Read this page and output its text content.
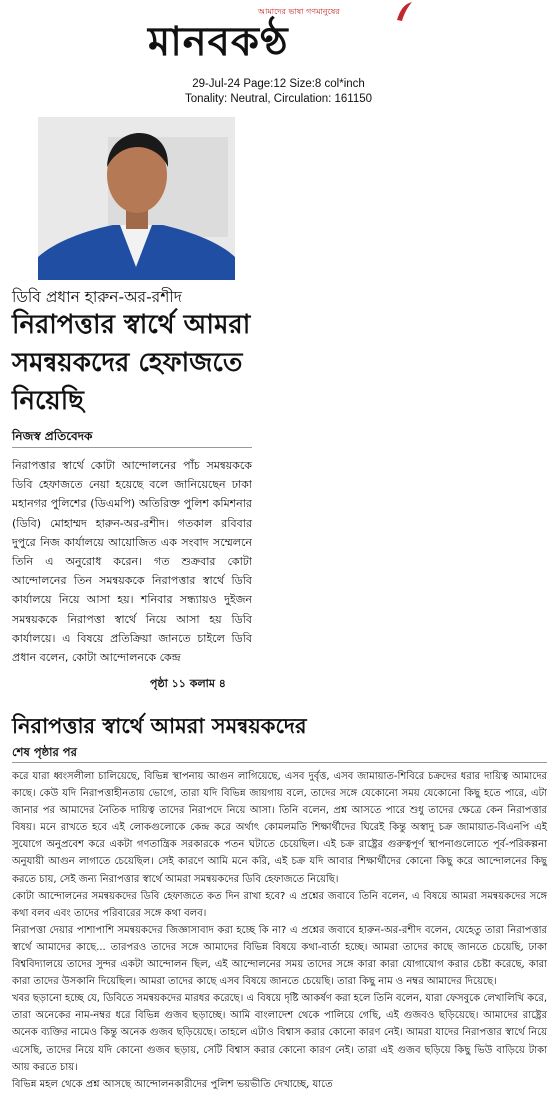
আমাদের ভাষা গণমানুষের
মানবকণ্ঠ
29-Jul-24 Page:12 Size:8 col*inch
Tonality: Neutral, Circulation: 161150
ডিবি প্রধান হারুন-অর-রশীদ
নিরাপত্তার স্বার্থে আমরা সমন্বয়কদের হেফাজতে নিয়েছি
নিজস্ব প্রতিবেদক
নিরাপত্তার স্বার্থে কোটা আন্দোলনের পাঁচ সমন্বয়ককে ডিবি হেফাজতে নেয়া হয়েছে বলে জানিয়েছেন ঢাকা মহানগর পুলিশের (ডিএমপি) অতিরিক্ত পুলিশ কমিশনার (ডিবি) মোহাম্মদ হারুন-অর-রশীদ। গতকাল রবিবার দুপুরে নিজ কার্যালয়ে আয়োজিত এক সংবাদ সম্মেলনে তিনি এ অনুরোধ করেন। গত শুক্রবার কোটা আন্দোলনের তিন সমন্বয়ককে নিরাপত্তার স্বার্থে ডিবি কার্যালয়ে নিয়ে আসা হয়। শনিবার সন্ধ্যায়ও দুইজন সমন্বয়ককে নিরাপত্তা স্বার্থে নিয়ে আসা হয় ডিবি কার্যালয়ে। এ বিষয়ে প্রতিক্রিয়া জানতে চাইলে ডিবি প্রধান বলেন, কোটা আন্দোলনকে কেন্দ্র
পৃষ্ঠা ১১ কলাম ৪
নিরাপত্তার স্বার্থে আমরা সমন্বয়কদের
শেষ পৃষ্ঠার পর

করে যারা ধ্বংসলীলা চালিয়েছে, বিভিন্ন স্থাপনায় আগুন লাগিয়েছে, এসব দুর্বৃত্ত, এসব জামায়াত-শিবিরে চক্রদের ধরার দায়িত্ব আমাদের কাছে। কেউ যদি নিরাপত্তাহীনতায় ভোগে, তারা যদি বিভিন্ন জায়গায় বলে, তাদের সঙ্গে যেকোনো সময় যেকোনো কিছু হতে পারে, এটা জানার পর আমাদের নৈতিক দায়িত্ব তাদের নিরাপদে নিয়ে আসা। তিনি বলেন, প্রশ্ন আসতে পারে শুধু তাদের ক্ষেত্রে কেন নিরাপত্তার বিষয়। মনে রাখতে হবে এই লোকগুলোকে কেন্দ্র করে অর্থাৎ কোমলমতি শিক্ষার্থীদের ঘিরেই কিন্তু অস্বাদু চক্র জামায়াত-বিএনপি এই সুযোগে অনুপ্রবেশ করে একটা গণতান্ত্রিক সরকারকে পতন ঘটাতে চেয়েছিল। এই চক্র রাষ্ট্রের গুরুত্বপূর্ণ স্থাপনাগুলোতে পূর্ব-পরিকল্পনা অনুযায়ী আগুন লাগাতে চেয়েছিল। সেই কারণে আমি মনে করি, এই চক্র যদি আবার শিক্ষার্থীদের কোনো কিছু করে আন্দোলনের কিছু করতে চায়, সেই জন্য নিরাপত্তার স্বার্থে আমরা সমন্বয়কদের ডিবি হেফাজতে নিয়েছি।

কোটা আন্দোলনের সমন্বয়কদের ডিবি হেফাজতে কত দিন রাখা হবে? এ প্রশ্নের জবাবে তিনি বলেন, এ বিষয়ে আমরা সমন্বয়কদের সঙ্গে কথা বলব এবং তাদের পরিবারের সঙ্গে কথা বলব।

নিরাপত্তা দেয়ার পাশাপাশি সমন্বয়কদের জিজ্ঞাসাবাদ করা হচ্ছে কি না? এ প্রশ্নের জবাবে হারুন-অর-রশীদ বলেন, যেহেতু তারা নিরাপত্তার স্বার্থে আমাদের কাছে... তারপরও তাদের সঙ্গে আমাদের বিভিন্ন বিষয়ে কথা-বার্তা হচ্ছে। আমরা তাদের কাছে জানতে চেয়েছি, ঢাকা বিশ্ববিদ্যালয়ে তাদের সুন্দর একটা আন্দোলন ছিল, এই আন্দোলনের সময় তাদের সঙ্গে কারা কারা যোগাযোগ করার চেষ্টা করেছে, কারা কারা তাদের উসকানি দিয়েছিল। আমরা তাদের কাছে এসব বিষয়ে জানতে চেয়েছি। তারা কিছু নাম ও নম্বর আমাদের দিয়েছে।

খবর ছড়ানো হচ্ছে যে, ডিবিতে সমন্বয়কদের মারধর করেছে। এ বিষয়ে দৃষ্টি আকর্ষণ করা হলে তিনি বলেন, যারা ফেসবুকে লেখালিখি করে, তারা অনেকের নাম-নম্বর ধরে বিভিন্ন গুজব ছড়াচ্ছে। আমি বাংলাদেশ থেকে পালিয়ে গেছি, এই গুজবও ছড়িয়েছে। আমাদের রাষ্ট্রের অনেক ব্যক্তির নামেও কিন্তু অনেক গুজব ছড়িয়েছে। তাহলে এটাও বিশ্বাস করার কোনো কারণ নেই। আমরা যাদের নিরাপত্তার স্বার্থে নিয়ে এসেছি, তাদের নিয়ে যদি কোনো গুজব ছড়ায়, সেটি বিশ্বাস করার কোনো কারণ নেই। তারা এই গুজব ছড়িয়ে কিছু ভিউ বাড়িয়ে টাকা আয় করতে চায়।

বিভিন্ন মহল থেকে প্রশ্ন আসছে আন্দোলনকারীদের পুলিশ ভয়ভীতি দেখাচ্ছে, যাতে
